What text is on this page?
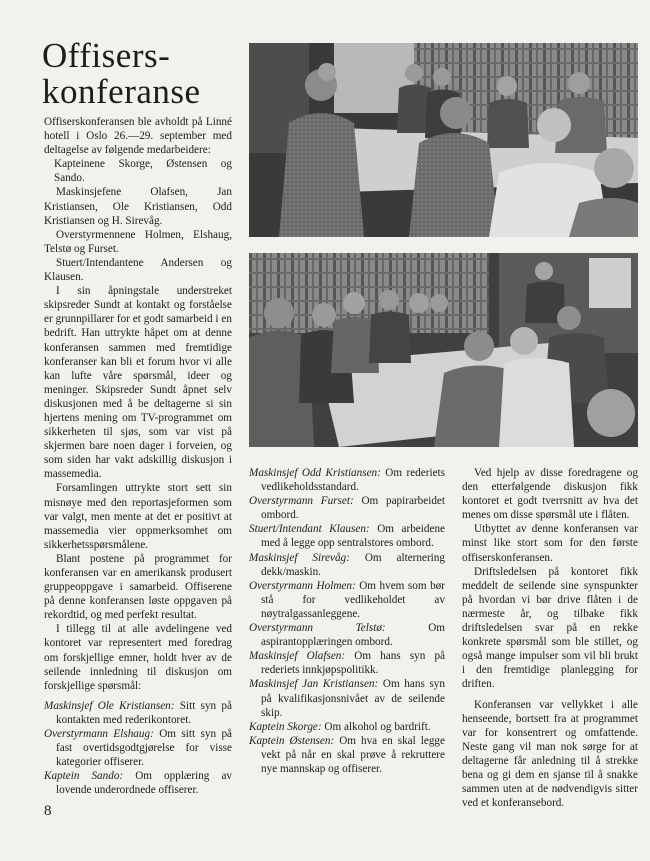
Offisers-
konferanse

Offiserskonferansen ble avholdt på Linné hotell i Oslo 26.—29. september med deltagelse av følgende medarbeidere:

Kapteinene Skorge, Østensen og Sando.

Maskinsjefene Olafsen, Jan Kristiansen, Ole Kristiansen, Odd Kristiansen og H. Sirevåg.

Overstyrmennene Holmen, Elshaug, Telstø og Furset.

Stuert/Intendantene Andersen og Klausen.

I sin åpningstale understreket skipsreder Sundt at kontakt og forståelse er grunnpillarer for et godt samarbeid i en bedrift. Han uttrykte håpet om at denne konferansen sammen med fremtidige konferanser kan bli et forum hvor vi alle kan lufte våre spørsmål, ideer og meninger. Skipsreder Sundt åpnet selv diskusjonen med å be deltagerne si sin hjertens mening om TV-programmet om sikkerheten til sjøs, som var vist på skjermen bare noen dager i forveien, og som siden har vakt adskillig diskusjon i massemedia.

Forsamlingen uttrykte stort sett sin misnøye med den reportasjeformen som var valgt, men mente at det er positivt at massemedia vier oppmerksomhet om sikkerhetsspørsmålene.

Blant postene på programmet for konferansen var en amerikansk produsert gruppeoppgave i samarbeid. Offiserene på denne konferansen løste oppgaven på rekordtid, og med perfekt resultat.

I tillegg til at alle avdelingene ved kontoret var representert med foredrag om forskjellige emner, holdt hver av de seilende innledning til diskusjon om forskjellige spørsmål:

Maskinsjef Ole Kristiansen: Sitt syn på kontakten med rederikontoret.

Overstyrmann Elshaug: Om sitt syn på fast overtidsgodtgjørelse for visse kategorier offiserer.

Kaptein Sando: Om opplæring av lovende underordnede offiserer.

Maskinsjef Odd Kristiansen: Om rederiets vedlikeholdsstandard.

Overstyrmann Furset: Om papirarbeidet ombord.

Stuert/Intendant Klausen: Om arbeidene med å legge opp sentralstores ombord.

Maskinsjef Sirevåg: Om alternering dekk/maskin.

Overstyrmann Holmen: Om hvem som bør stå for vedlikeholdet av nøytralgassanleggene.

Overstyrmann Telstø: Om aspirantopplæringen ombord.

Maskinsjef Olafsen: Om hans syn på rederiets innkjøpspolitikk.

Maskinsjef Jan Kristiansen: Om hans syn på kvalifikasjonsnivået av de seilende skip.

Kaptein Skorge: Om alkohol og bardrift.

Kaptein Østensen: Om hva en skal legge vekt på når en skal prøve å rekruttere nye mannskap og offiserer.

Ved hjelp av disse foredragene og den etterfølgende diskusjon fikk kontoret et godt tverrsnitt av hva det menes om disse spørsmål ute i flåten.

Utbyttet av denne konferansen var minst like stort som for den første offiserskonferansen.

Driftsledelsen på kontoret fikk meddelt de seilende sine synspunkter på hvordan vi bør drive flåten i de nærmeste år, og tilbake fikk driftsledelsen svar på en rekke konkrete spørsmål som ble stillet, og også mange impulser som vil bli brukt i den fremtidige planlegging for driften.

Konferansen var vellykket i alle henseende, bortsett fra at programmet var for konsentrert og omfattende. Neste gang vil man nok sørge for at deltagerne får anledning til å strekke bena og gi dem en sjanse til å snakke sammen uten at de nødvendigvis sitter ved et konferansebord.

8
